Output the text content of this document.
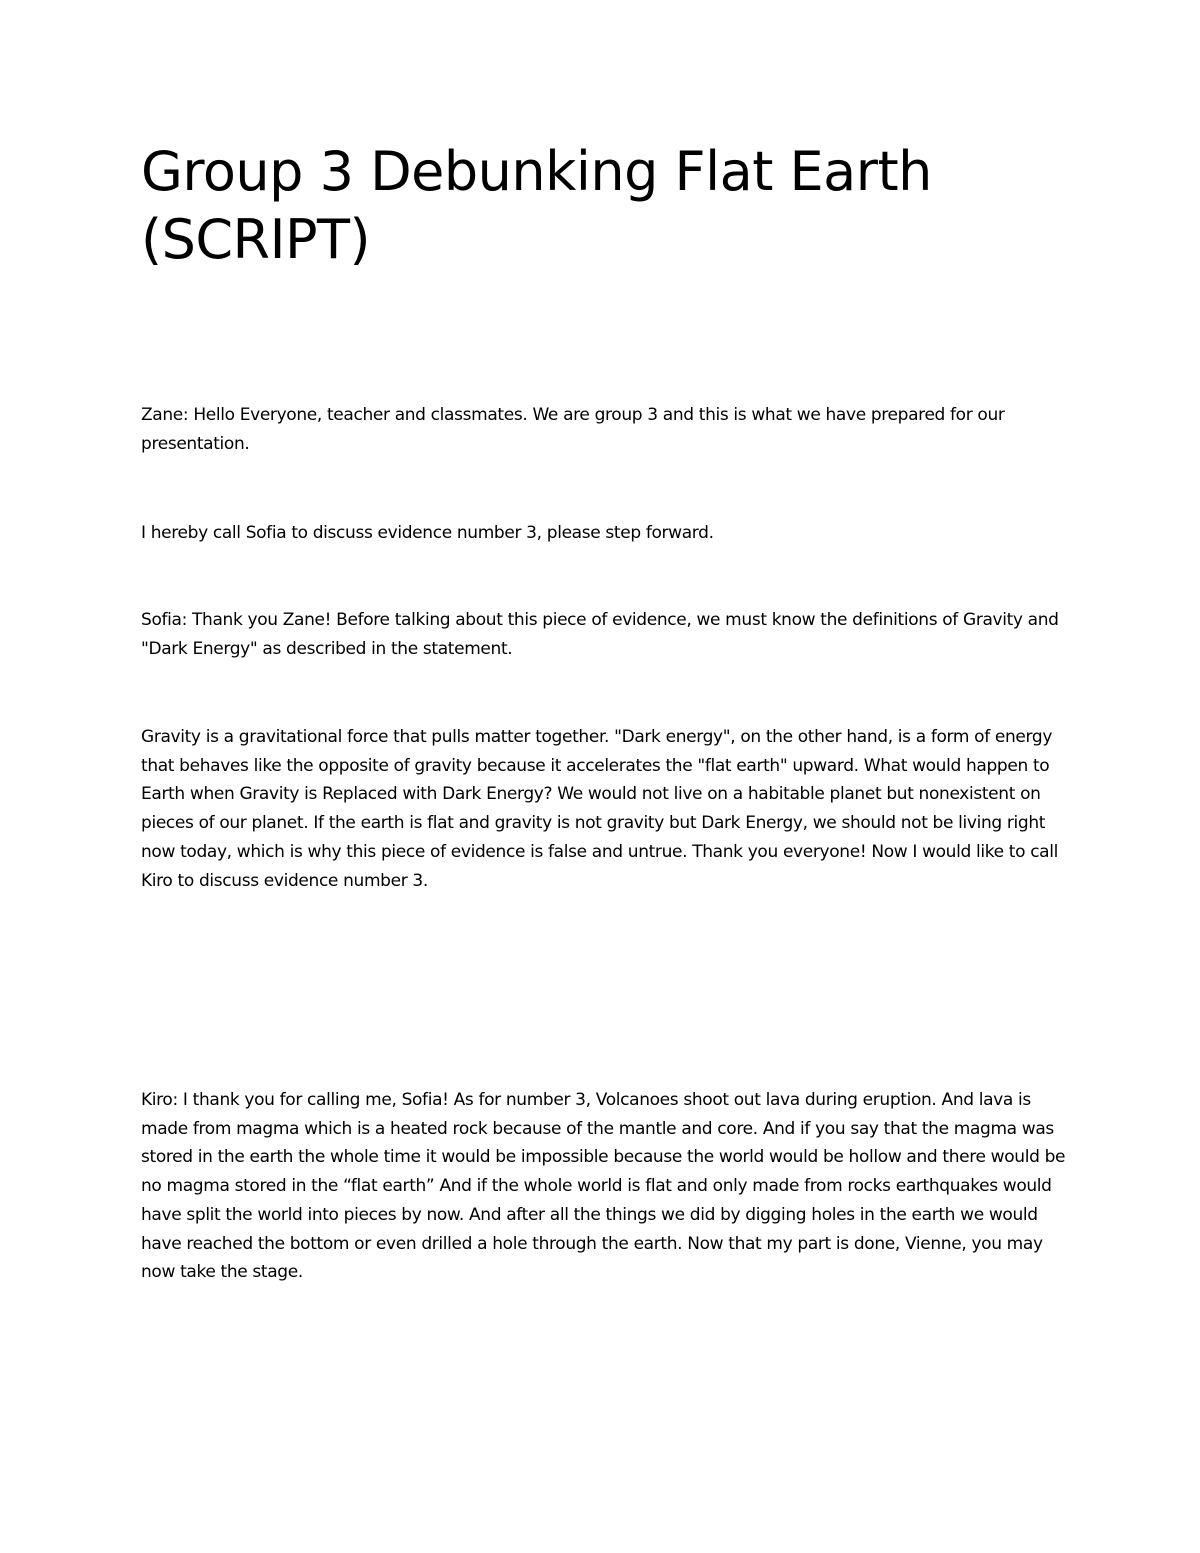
Group 3 Debunking Flat Earth (SCRIPT)

Zane: Hello Everyone, teacher and classmates. We are group 3 and this is what we have prepared for our presentation.

I hereby call Sofia to discuss evidence number 3, please step forward.

Sofia: Thank you Zane! Before talking about this piece of evidence, we must know the definitions of Gravity and "Dark Energy" as described in the statement.

Gravity is a gravitational force that pulls matter together. "Dark energy", on the other hand, is a form of energy that behaves like the opposite of gravity because it accelerates the "flat earth" upward. What would happen to Earth when Gravity is Replaced with Dark Energy? We would not live on a habitable planet but nonexistent on pieces of our planet. If the earth is flat and gravity is not gravity but Dark Energy, we should not be living right now today, which is why this piece of evidence is false and untrue. Thank you everyone! Now I would like to call Kiro to discuss evidence number 3.

Kiro: I thank you for calling me, Sofia! As for number 3, Volcanoes shoot out lava during eruption. And lava is made from magma which is a heated rock because of the mantle and core. And if you say that the magma was stored in the earth the whole time it would be impossible because the world would be hollow and there would be no magma stored in the “flat earth” And if the whole world is flat and only made from rocks earthquakes would have split the world into pieces by now. And after all the things we did by digging holes in the earth we would have reached the bottom or even drilled a hole through the earth. Now that my part is done, Vienne, you may now take the stage.
